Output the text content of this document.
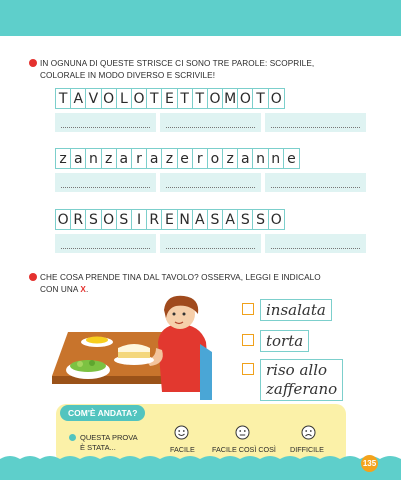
IN OGNUNA DI QUESTE STRISCE CI SONO TRE PAROLE: SCOPRILE,
COLORALE IN MODO DIVERSO E SCRIVILE!
T A V O L O T E T T O M O T O
z a n z a r a z e r o z a n n e
O R S O S I R E N A S A S S O
CHE COSA PRENDE TINA DAL TAVOLO? OSSERVA, LEGGI E INDICALO
CON UNA X.
insalata
torta
riso allo
zafferano
COM'È ANDATA?
QUESTA PROVA
È STATA...	FACILE FACILE COSÌ COSÌ DIFFICILE
135
